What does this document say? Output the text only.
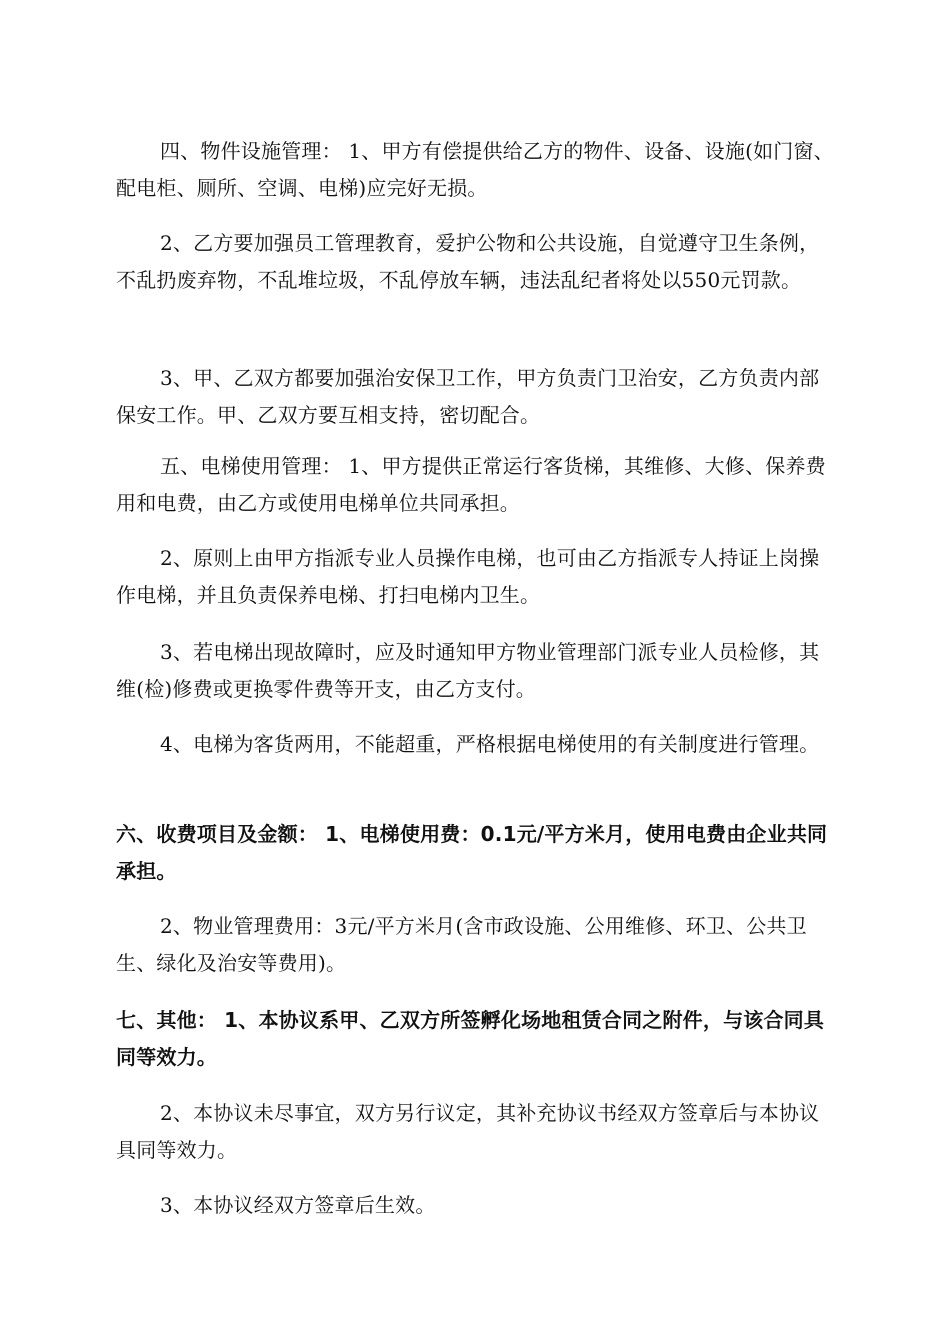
四、物件设施管理： 1、甲方有偿提供给乙方的物件、设备、设施(如门窗、配电柜、厕所、空调、电梯)应完好无损。

2、乙方要加强员工管理教育，爱护公物和公共设施，自觉遵守卫生条例，不乱扔废弃物，不乱堆垃圾，不乱停放车辆，违法乱纪者将处以550元罚款。

3、甲、乙双方都要加强治安保卫工作，甲方负责门卫治安，乙方负责内部保安工作。甲、乙双方要互相支持，密切配合。

五、电梯使用管理： 1、甲方提供正常运行客货梯，其维修、大修、保养费用和电费，由乙方或使用电梯单位共同承担。

2、原则上由甲方指派专业人员操作电梯，也可由乙方指派专人持证上岗操作电梯，并且负责保养电梯、打扫电梯内卫生。

3、若电梯出现故障时，应及时通知甲方物业管理部门派专业人员检修，其维(检)修费或更换零件费等开支，由乙方支付。

4、电梯为客货两用，不能超重，严格根据电梯使用的有关制度进行管理。

六、收费项目及金额： 1、电梯使用费：0.1元/平方米月，使用电费由企业共同承担。

2、物业管理费用：3元/平方米月(含市政设施、公用维修、环卫、公共卫生、绿化及治安等费用)。

七、其他： 1、本协议系甲、乙双方所签孵化场地租赁合同之附件，与该合同具同等效力。

2、本协议未尽事宜，双方另行议定，其补充协议书经双方签章后与本协议具同等效力。

3、本协议经双方签章后生效。
